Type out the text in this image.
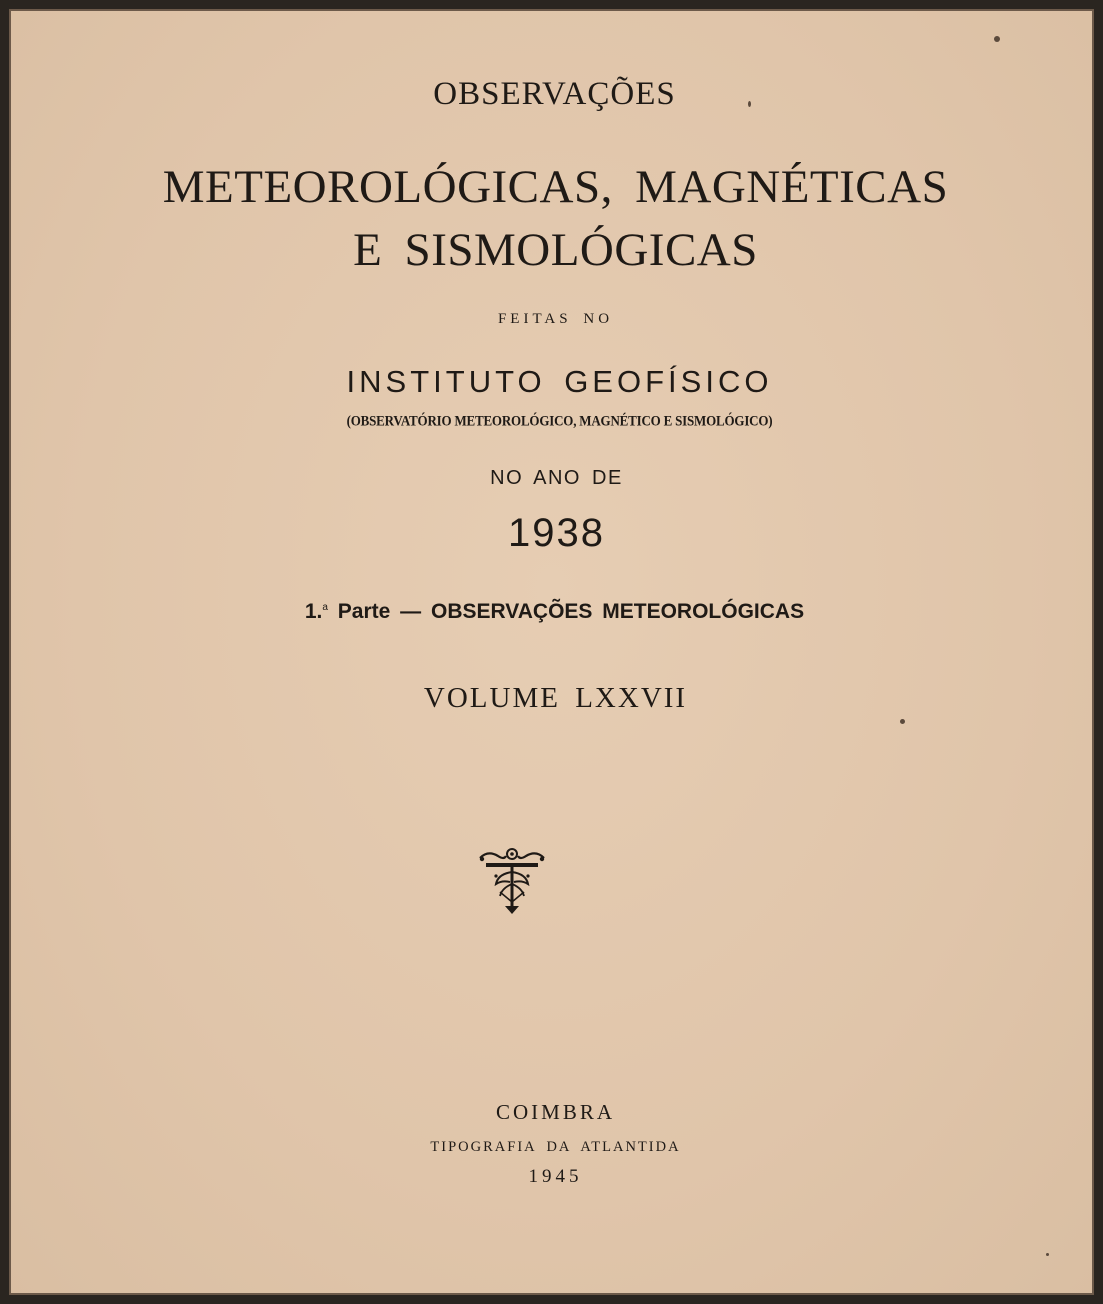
OBSERVAÇÕES
METEOROLÓGICAS, MAGNÉTICAS
E SISMOLÓGICAS
FEITAS NO
INSTITUTO GEOFÍSICO
(OBSERVATÓRIO METEOROLÓGICO, MAGNÉTICO E SISMOLÓGICO)
NO ANO DE
1938
1.$^a$ Parte — OBSERVAÇÕES METEOROLÓGICAS
VOLUME LXXVII
COIMBRA
TIPOGRAFIA DA ATLANTIDA
1945
